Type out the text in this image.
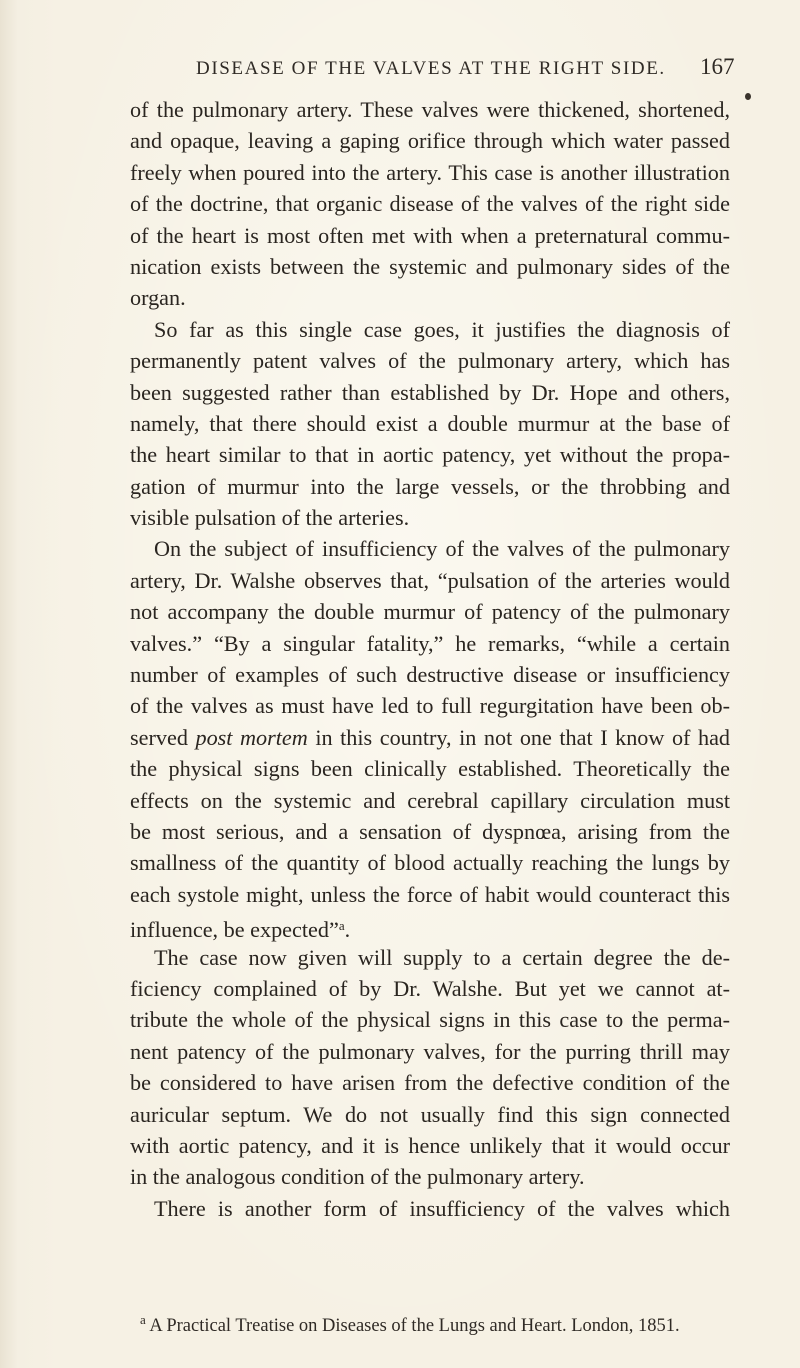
DISEASE OF THE VALVES AT THE RIGHT SIDE. 167
of the pulmonary artery. These valves were thickened, shortened,
and opaque, leaving a gaping orifice through which water passed
freely when poured into the artery. This case is another illustration
of the doctrine, that organic disease of the valves of the right side
of the heart is most often met with when a preternatural commu-
nication exists between the systemic and pulmonary sides of the
organ.
So far as this single case goes, it justifies the diagnosis of
permanently patent valves of the pulmonary artery, which has
been suggested rather than established by Dr. Hope and others,
namely, that there should exist a double murmur at the base of
the heart similar to that in aortic patency, yet without the propa-
gation of murmur into the large vessels, or the throbbing and
visible pulsation of the arteries.
On the subject of insufficiency of the valves of the pulmonary
artery, Dr. Walshe observes that, “pulsation of the arteries would
not accompany the double murmur of patency of the pulmonary
valves.” “By a singular fatality,” he remarks, “while a certain
number of examples of such destructive disease or insufficiency
of the valves as must have led to full regurgitation have been ob-
served post mortem in this country, in not one that I know of had
the physical signs been clinically established. Theoretically the
effects on the systemic and cerebral capillary circulation must
be most serious, and a sensation of dyspnœa, arising from the
smallness of the quantity of blood actually reaching the lungs by
each systole might, unless the force of habit would counteract this
influence, be expected”$^a$.
The case now given will supply to a certain degree the de-
ficiency complained of by Dr. Walshe. But yet we cannot at-
tribute the whole of the physical signs in this case to the perma-
nent patency of the pulmonary valves, for the purring thrill may
be considered to have arisen from the defective condition of the
auricular septum. We do not usually find this sign connected
with aortic patency, and it is hence unlikely that it would occur
in the analogous condition of the pulmonary artery.
There is another form of insufficiency of the valves which
$^a$ A Practical Treatise on Diseases of the Lungs and Heart. London, 1851.
